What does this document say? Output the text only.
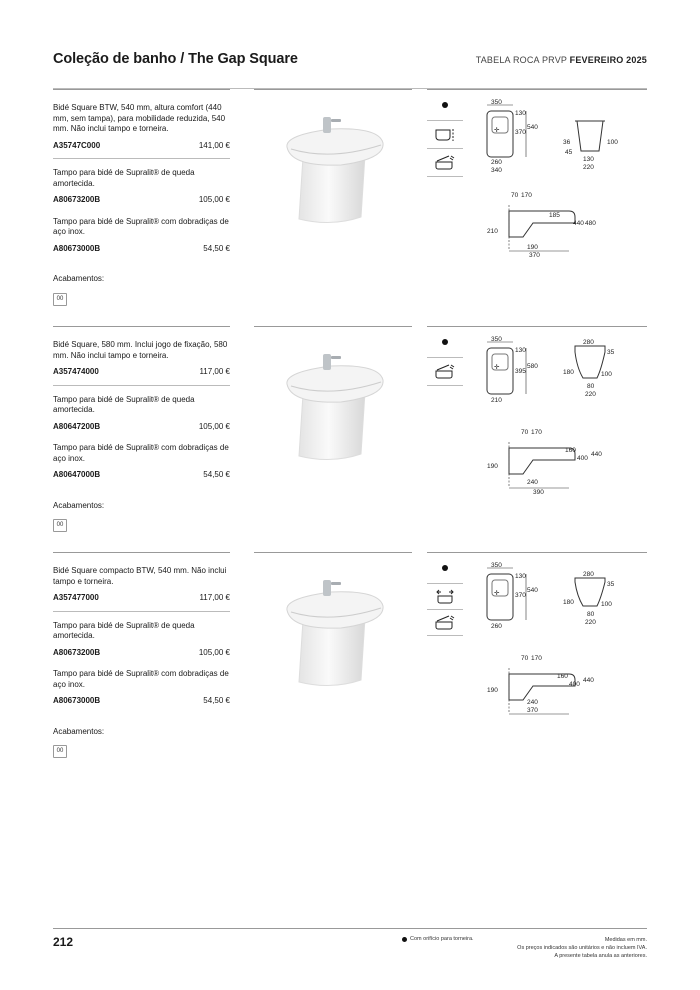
Coleção de banho / The Gap Square	TABELA ROCA PRVP FEVEREIRO 2025
Bidé Square BTW, 540 mm, altura comfort (440 mm, sem tampa), para mobilidade reduzida, 540 mm. Não inclui tampo e torneira.
A35747C000	141,00 €
Tampo para bidé de Supralit® de queda amortecida.
A80673200B	105,00 €
Tampo para bidé de Supralit® com dobradiças de aço inox.
A80673000B	54,50 €
Acabamentos:
00
✛
350
130
370
540
260
340
36	100
45
130
220
70 170
185
440 480
210
190
370
Bidé Square, 580 mm. Inclui jogo de fixação, 580 mm. Não inclui tampo e torneira.
A357474000	117,00 €
Tampo para bidé de Supralit® de queda amortecida.
A80647200B	105,00 €
Tampo para bidé de Supralit® com dobradiças de aço inox.
A80647000B	54,50 €
Acabamentos:
00
✛
350
130
395
580
210
280
35
180	100
80
220
70 170
160
400
440
190
240
390
Bidé Square compacto BTW, 540 mm. Não inclui tampo e torneira.
A357477000	117,00 €
Tampo para bidé de Supralit® de queda amortecida.
A80673200B	105,00 €
Tampo para bidé de Supralit® com dobradiças de aço inox.
A80673000B	54,50 €
Acabamentos:
00
✛
350
130
370
540
260
280
35
180	100
80
220
70 170
160
400
440
190
240
370
212	Com orifício para torneira.	Medidas em mm.
Os preços indicados são unitários e não incluem IVA.
A presente tabela anula as anteriores.
